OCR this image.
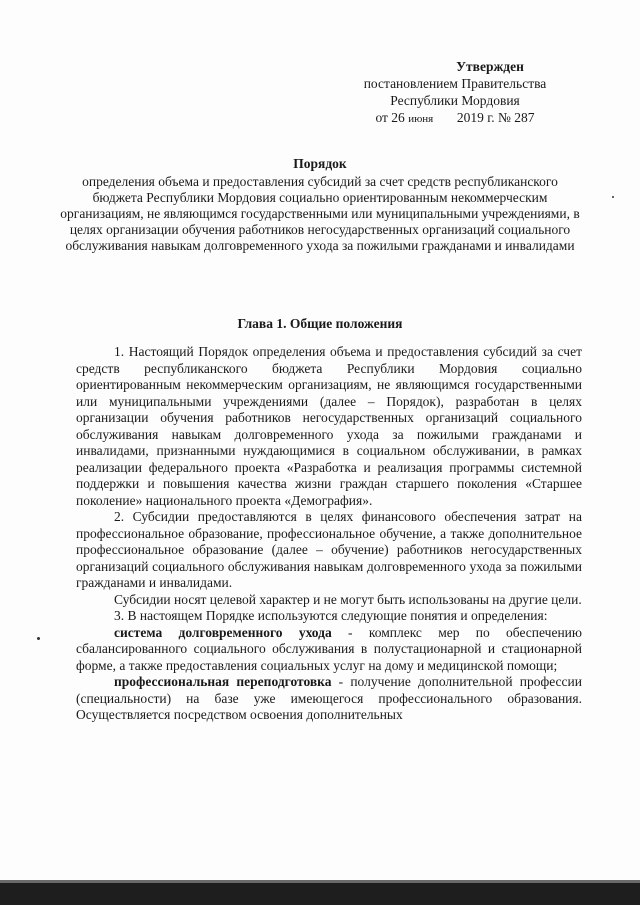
Утвержден
постановлением Правительства
Республики Мордовия
от 26 июня 2019 г. № 287
Порядок
определения объема и предоставления субсидий за счет средств республиканского бюджета Республики Мордовия социально ориентированным некоммерческим организациям, не являющимся государственными или муниципальными учреждениями, в целях организации обучения работников негосударственных организаций социального обслуживания навыкам долговременного ухода за пожилыми гражданами и инвалидами
Глава 1. Общие положения

1. Настоящий Порядок определения объема и предоставления субсидий за счет средств республиканского бюджета Республики Мордовия социально ориентированным некоммерческим организациям, не являющимся государственными или муниципальными учреждениями (далее – Порядок), разработан в целях организации обучения работников негосударственных организаций социального обслуживания навыкам долговременного ухода за пожилыми гражданами и инвалидами, признанными нуждающимися в социальном обслуживании, в рамках реализации федерального проекта «Разработка и реализация программы системной поддержки и повышения качества жизни граждан старшего поколения «Старшее поколение» национального проекта «Демография».

2. Субсидии предоставляются в целях финансового обеспечения затрат на профессиональное образование, профессиональное обучение, а также дополнительное профессиональное образование (далее – обучение) работников негосударственных организаций социального обслуживания навыкам долговременного ухода за пожилыми гражданами и инвалидами.

Субсидии носят целевой характер и не могут быть использованы на другие цели.

3. В настоящем Порядке используются следующие понятия и определения:

система долговременного ухода - комплекс мер по обеспечению сбалансированного социального обслуживания в полустационарной и стационарной форме, а также предоставления социальных услуг на дому и медицинской помощи;

профессиональная переподготовка - получение дополнительной профессии (специальности) на базе уже имеющегося профессионального образования. Осуществляется посредством освоения дополнительных
